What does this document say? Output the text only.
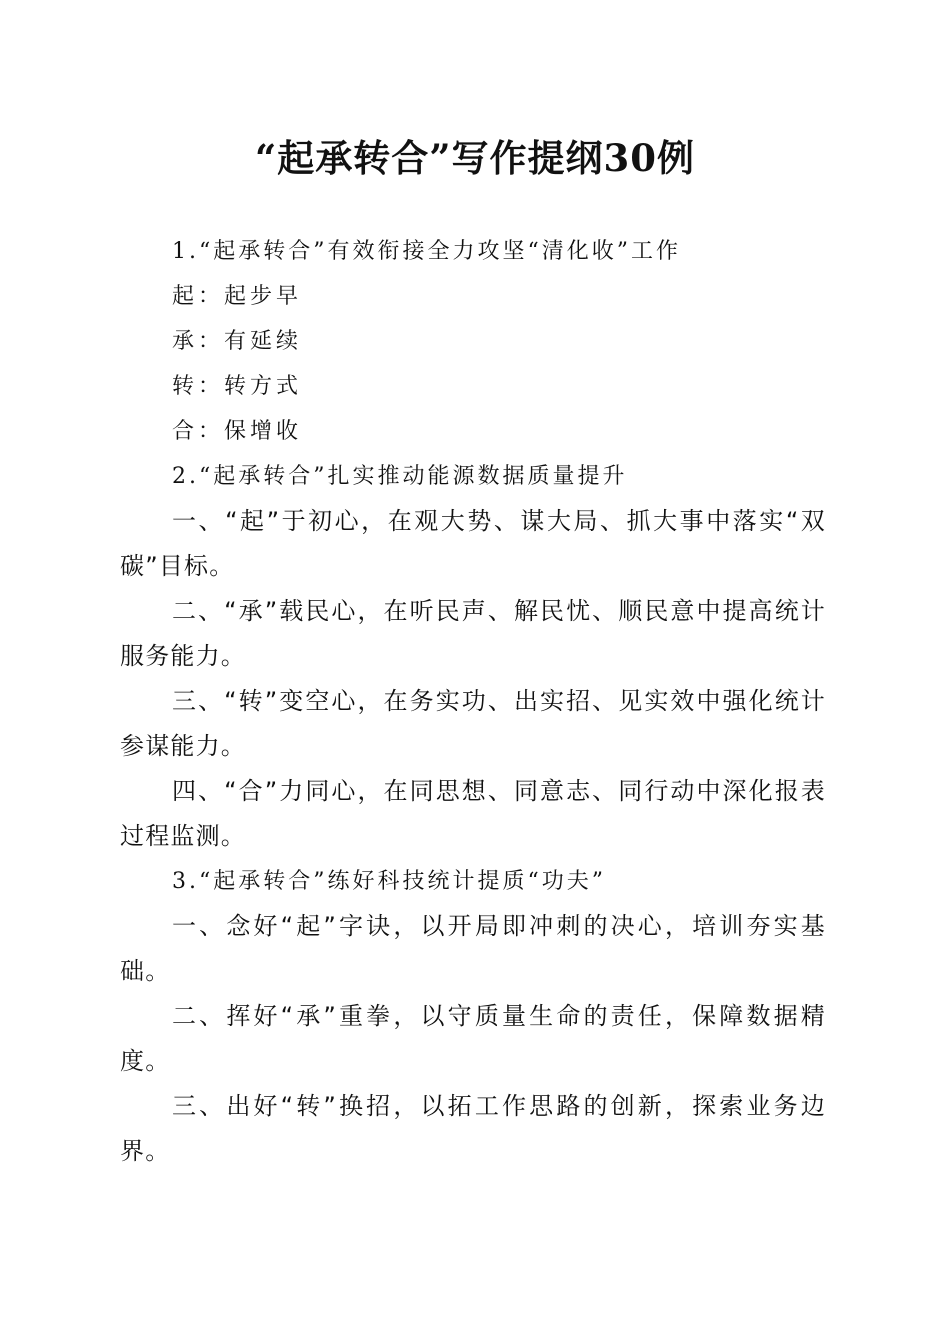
“起承转合”写作提纲30例

1.“起承转合”有效衔接全力攻坚“清化收”工作

起：起步早

承：有延续

转：转方式

合：保增收

2.“起承转合”扎实推动能源数据质量提升

一、“起”于初心，在观大势、谋大局、抓大事中落实“双碳”目标。

二、“承”载民心，在听民声、解民忧、顺民意中提高统计服务能力。

三、“转”变空心，在务实功、出实招、见实效中强化统计参谋能力。

四、“合”力同心，在同思想、同意志、同行动中深化报表过程监测。

3.“起承转合”练好科技统计提质“功夫”

一、念好“起”字诀，以开局即冲刺的决心，培训夯实基础。

二、挥好“承”重拳，以守质量生命的责任，保障数据精度。

三、出好“转”换招，以拓工作思路的创新，探索业务边界。
